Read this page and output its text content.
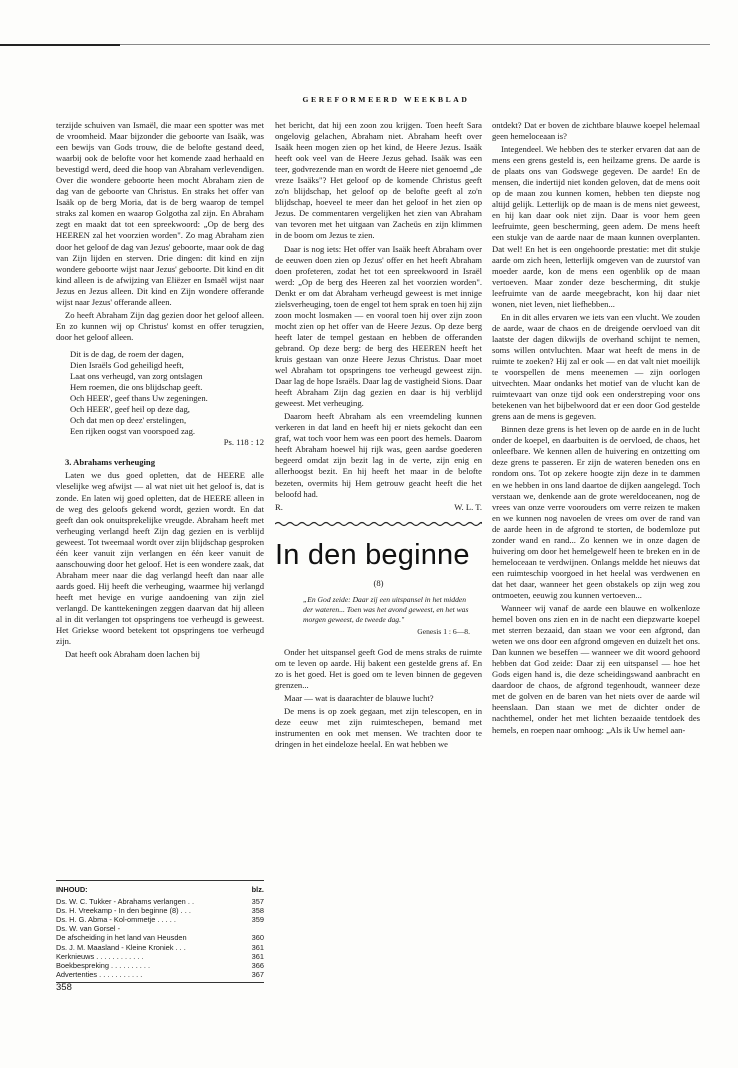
GEREFORMEERD WEEKBLAD

terzijde schuiven van Ismaël, die maar een spotter was met de vroomheid. Maar bijzonder die geboorte van Isaäk, was een bewijs van Gods trouw, die de belofte gestand deed, waarbij ook de belofte voor het komende zaad herhaald en bevestigd werd, deed die hoop van Abraham verlevendigen. Over die wondere geboorte heen mocht Abraham zien de dag van de geboorte van Christus. En straks het offer van Isaäk op de berg Moria, dat is de berg waarop de tempel straks zal komen en waarop Golgotha zal zijn. En Abraham zegt en maakt dat tot een spreekwoord: „Op de berg des HEEREN zal het voorzien worden". Zo mag Abraham zien door het geloof de dag van Jezus' geboorte, maar ook de dag van Zijn lijden en sterven. Drie dingen: dit kind en zijn wondere geboorte wijst naar Jezus' geboorte. Dit kind en dit kind alleen is de afwijzing van Eliëzer en Ismaël wijst naar Jezus en Jezus alleen. Dit kind en Zijn wondere offerande wijst naar Jezus' offerande alleen.

Zo heeft Abraham Zijn dag gezien door het geloof alleen. En zo kunnen wij op Christus' komst en offer terugzien, door het geloof alleen.

Dit is de dag, de roem der dagen,
Dien Israëls God geheiligd heeft,
Laat ons verheugd, van zorg ontslagen
Hem roemen, die ons blijdschap geeft.
Och HEER', geef thans Uw zegeningen.
Och HEER', geef heil op deze dag,
Och dat men op deez' erstelingen,
Een rijken oogst van voorspoed zag.
Ps. 118 : 12

3. Abrahams verheuging

Laten we dus goed opletten, dat de HEERE alle vleselijke weg afwijst — al wat niet uit het geloof is, dat is zonde. En laten wij goed opletten, dat de HEERE alleen in de weg des geloofs gekend wordt, gezien wordt. En dat geeft dan ook onuitsprekelijke vreugde. Abraham heeft met verheuging verlangd heeft Zijn dag gezien en is verblijd geweest. Tot tweemaal wordt over zijn blijdschap gesproken één keer vanuit zijn verlangen en één keer vanuit de aanschouwing door het geloof. Het is een wondere zaak, dat Abraham meer naar die dag verlangd heeft dan naar alle aards goed. Hij heeft die verheuging, waarmee hij verlangd heeft met hevige en vurige aandoening van zijn ziel verlangd. De kanttekeningen zeggen daarvan dat hij alleen al in dit verlangen tot opspringens toe verheugd is geweest. Het Griekse woord betekent tot opspringens toe verheugd zijn.

Dat heeft ook Abraham doen lachen bij

INHOUD:	blz.
Ds. W. C. Tukker - Abrahams verlangen . .	357
Ds. H. Vreekamp - In den beginne (8) . . .	358
Ds. H. G. Abma - Kol-ommetje . . . . .	359
Ds. W. van Gorsel -
De afscheiding in het land van Heusden	360
Ds. J. M. Maasland - Kleine Kroniek . . .	361
Kerknieuws . . . . . . . . . . . .	361
Boekbespreking . . . . . . . . . .	366
Advertenties . . . . . . . . . . .	367
358

het bericht, dat hij een zoon zou krijgen. Toen heeft Sara ongelovig gelachen, Abraham niet. Abraham heeft over Isaäk heen mogen zien op het kind, de Heere Jezus. Isaäk heeft ook veel van de Heere Jezus gehad. Isaäk was een teer, godvrezende man en wordt de Heere niet genoemd „de vreze Isaäks"? Het geloof op de komende Christus geeft zo'n blijdschap, het geloof op de belofte geeft al zo'n blijdschap, hoeveel te meer dan het geloof in het zien op Jezus. De commentaren vergelijken het zien van Abraham van tevoren met het uitgaan van Zacheüs en zijn klimmen in de boom om Jezus te zien.

Daar is nog iets: Het offer van Isaäk heeft Abraham over de eeuwen doen zien op Jezus' offer en het heeft Abraham doen profeteren, zodat het tot een spreekwoord in Israël werd: „Op de berg des Heeren zal het voorzien worden". Denkt er om dat Abraham verheugd geweest is met innige zielsverheuging, toen de engel tot hem sprak en toen hij zijn zoon mocht losmaken — en vooral toen hij over zijn zoon mocht zien op het offer van de Heere Jezus. Op deze berg heeft later de tempel gestaan en hebben de offeranden gebrand. Op deze berg: de berg des HEEREN heeft het kruis gestaan van onze Heere Jezus Christus. Daar moet wel Abraham tot opspringens toe verheugd geweest zijn. Daar lag de hope Israëls. Daar lag de vastigheid Sions. Daar heeft Abraham Zijn dag gezien en daar is hij verblijd geweest. Met verheuging.

Daarom heeft Abraham als een vreemdeling kunnen verkeren in dat land en heeft hij er niets gekocht dan een graf, wat toch voor hem was een poort des hemels. Daarom heeft Abraham hoewel hij rijk was, geen aardse goederen begeerd omdat zijn bezit lag in de verte, zijn enig en allerhoogst bezit. En hij heeft het maar in de belofte bezeten, overmits hij Hem getrouw geacht heeft die het beloofd had.

R.	W. L. T.
In den beginne
(8)
„En God zeide: Daar zij een uitspansel in het midden der wateren... Toen was het avond geweest, en het was morgen geweest, de tweede dag."
Genesis 1 : 6—8.

Onder het uitspansel geeft God de mens straks de ruimte om te leven op aarde. Hij bakent een gestelde grens af. En zo is het goed. Het is goed om te leven binnen de gegeven grenzen...

Maar — wat is daarachter de blauwe lucht?

De mens is op zoek gegaan, met zijn telescopen, en in deze eeuw met zijn ruimteschepen, bemand met instrumenten en ook met mensen. We trachten door te dringen in het eindeloze heelal. En wat hebben we

ontdekt? Dat er boven de zichtbare blauwe koepel helemaal geen hemeloceaan is?

Integendeel. We hebben des te sterker ervaren dat aan de mens een grens gesteld is, een heilzame grens. De aarde is de plaats ons van Godswege gegeven. De aarde! En de mensen, die indertijd niet konden geloven, dat de mens ooit op de maan zou kunnen komen, hebben ten diepste nog altijd gelijk. Letterlijk op de maan is de mens niet geweest, en hij kan daar ook niet zijn. Daar is voor hem geen leefruimte, geen bescherming, geen adem. De mens heeft een stukje van de aarde naar de maan kunnen overplanten. Dat wel! En het is een ongehoorde prestatie: met dit stukje aarde om zich heen, letterlijk omgeven van de zuurstof van moeder aarde, kon de mens een ogenblik op de maan vertoeven. Maar zonder deze bescherming, dit stukje leefruimte van de aarde meegebracht, kon hij daar niet wonen, niet leven, niet liefhebben...

En in dit alles ervaren we iets van een vlucht. We zouden de aarde, waar de chaos en de dreigende oervloed van dit laatste der dagen dikwijls de overhand schijnt te nemen, soms willen ontvluchten. Maar wat heeft de mens in de ruimte te zoeken? Hij zal er ook — en dat valt niet moeilijk te voorspellen de mens meenemen — zijn oorlogen uitvechten. Maar ondanks het motief van de vlucht kan de ruimtevaart van onze tijd ook een onderstreping voor ons betekenen van het bijbelwoord dat er een door God gestelde grens aan de mens is gegeven.

Binnen deze grens is het leven op de aarde en in de lucht onder de koepel, en daarbuiten is de oervloed, de chaos, het onleefbare. We kennen allen de huivering en ontzetting om deze grens te passeren. Er zijn de wateren beneden ons en rondom ons. Tot op zekere hoogte zijn deze in te dammen en we hebben in ons land daartoe de dijken aangelegd. Toch verstaan we, denkende aan de grote wereldoceanen, nog de vrees van onze verre voorouders om verre reizen te maken en we kunnen nog navoelen de vrees om over de rand van de aarde heen in de afgrond te storten, de bodemloze put zonder wand en rand... Zo kennen we in onze dagen de huivering om door het hemelgewelf heen te breken en in de hemeloceaan te verdwijnen. Onlangs meldde het nieuws dat een ruimteschip voorgoed in het heelal was verdwenen en dat het daar, wanneer het geen obstakels op zijn weg zou ontmoeten, eeuwig zou kunnen vertoeven...

Wanneer wij vanaf de aarde een blauwe en wolkenloze hemel boven ons zien en in de nacht een diepzwarte koepel met sterren bezaaid, dan staan we voor een afgrond, dan weten we ons door een afgrond omgeven en duizelt het ons. Dan kunnen we beseffen — wanneer we dit woord gehoord hebben dat God zeide: Daar zij een uitspansel — hoe het Gods eigen hand is, die deze scheidingswand aanbracht en daardoor de chaos, de afgrond tegenhoudt, wanneer deze met de golven en de baren van het niets over de aarde wil heenslaan. Dan staan we met de dichter onder de nachthemel, onder het met lichten bezaaide tentdoek des hemels, en roepen naar omhoog: „Als ik Uw hemel aan-
